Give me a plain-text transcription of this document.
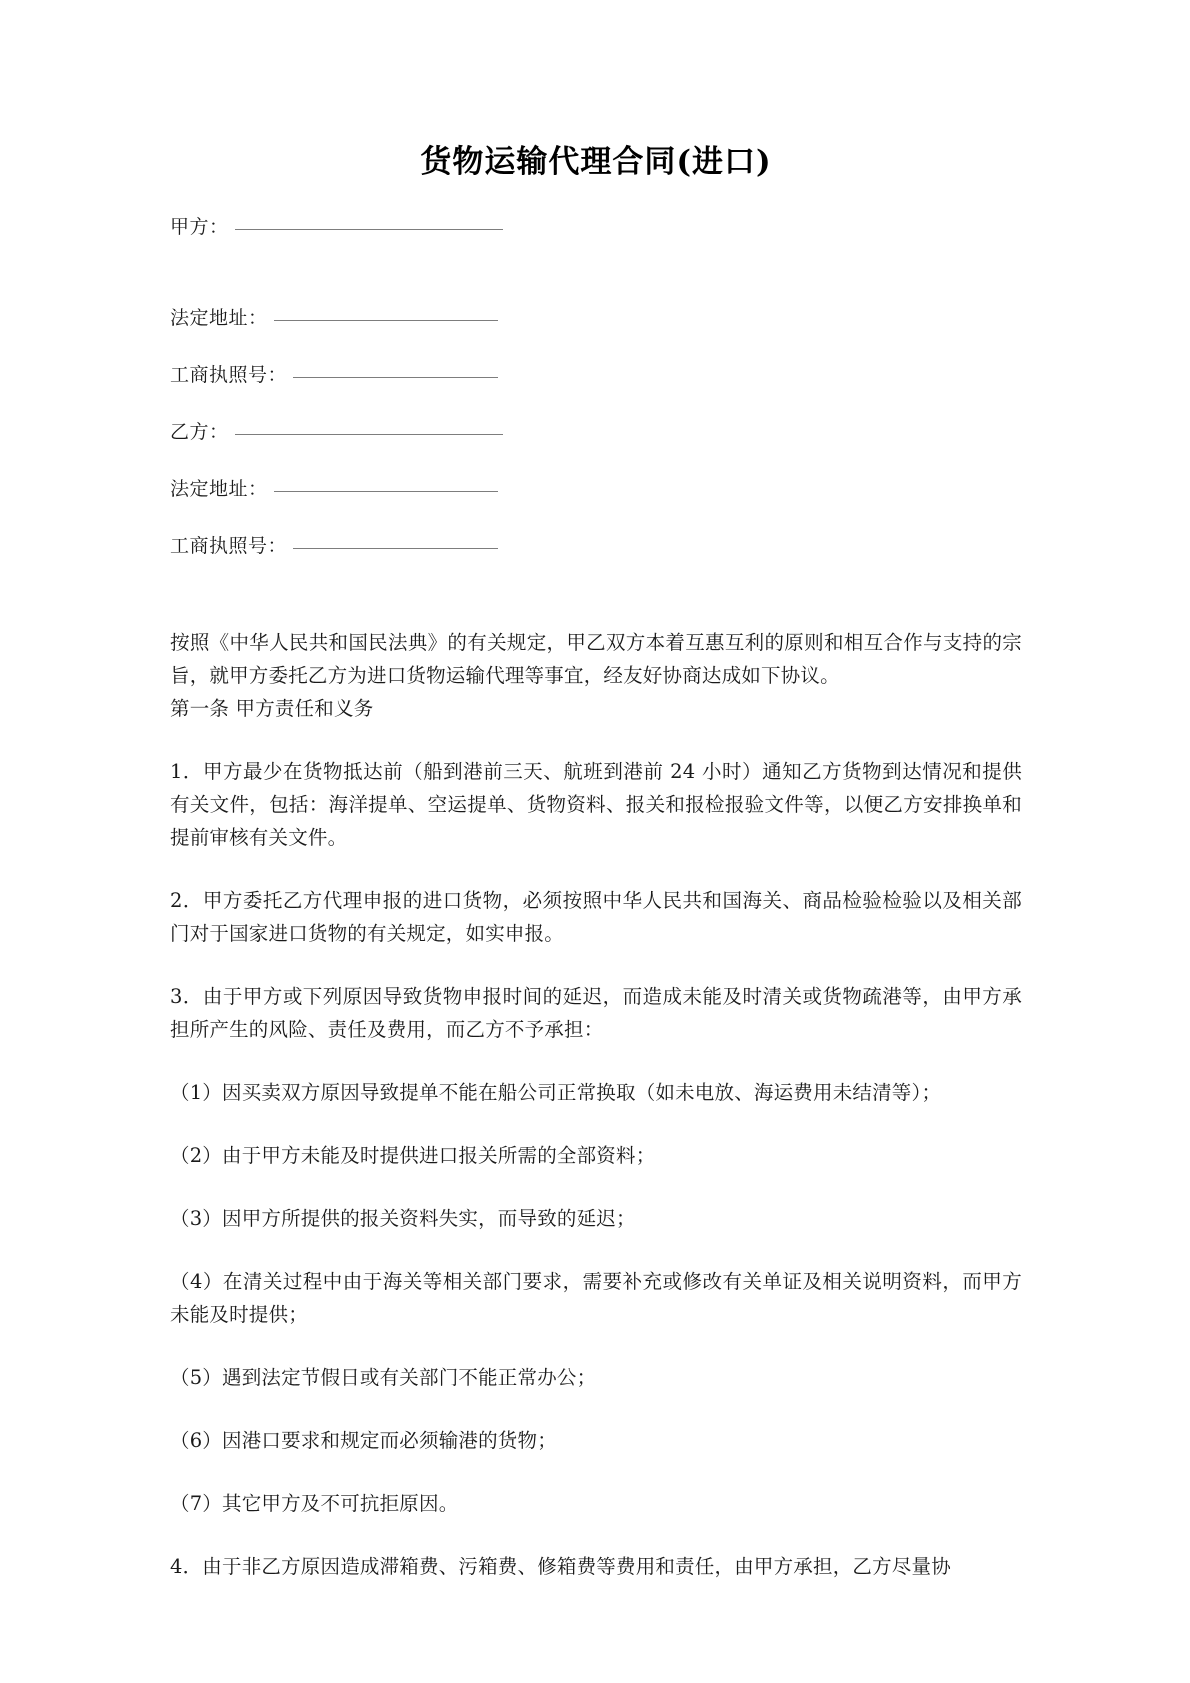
货物运输代理合同(进口)
甲方：
法定地址：
工商执照号：
乙方：
法定地址：
工商执照号：

按照《中华人民共和国民法典》的有关规定，甲乙双方本着互惠互利的原则和相互合作与支持的宗旨，就甲方委托乙方为进口货物运输代理等事宜，经友好协商达成如下协议。

第一条 甲方责任和义务

1．甲方最少在货物抵达前（船到港前三天、航班到港前 24 小时）通知乙方货物到达情况和提供有关文件，包括：海洋提单、空运提单、货物资料、报关和报检报验文件等，以便乙方安排换单和提前审核有关文件。

2．甲方委托乙方代理申报的进口货物，必须按照中华人民共和国海关、商品检验检验以及相关部门对于国家进口货物的有关规定，如实申报。

3．由于甲方或下列原因导致货物申报时间的延迟，而造成未能及时清关或货物疏港等，由甲方承担所产生的风险、责任及费用，而乙方不予承担：

（1）因买卖双方原因导致提单不能在船公司正常换取（如未电放、海运费用未结清等）；

（2）由于甲方未能及时提供进口报关所需的全部资料；

（3）因甲方所提供的报关资料失实，而导致的延迟；

（4）在清关过程中由于海关等相关部门要求，需要补充或修改有关单证及相关说明资料，而甲方未能及时提供；

（5）遇到法定节假日或有关部门不能正常办公；

（6）因港口要求和规定而必须输港的货物；

（7）其它甲方及不可抗拒原因。

4．由于非乙方原因造成滞箱费、污箱费、修箱费等费用和责任，由甲方承担，乙方尽量协
